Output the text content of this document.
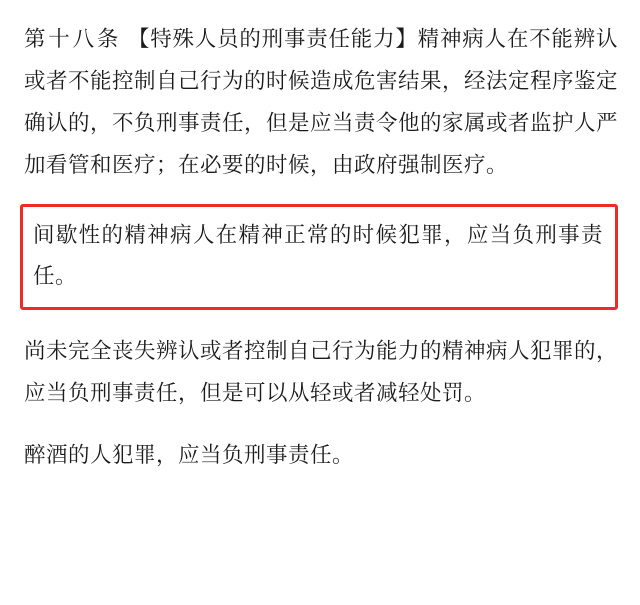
第十八条 【特殊人员的刑事责任能力】精神病人在不能辨认或者不能控制自己行为的时候造成危害结果，经法定程序鉴定确认的，不负刑事责任，但是应当责令他的家属或者监护人严加看管和医疗；在必要的时候，由政府强制医疗。

间歇性的精神病人在精神正常的时候犯罪，应当负刑事责任。

尚未完全丧失辨认或者控制自己行为能力的精神病人犯罪的，应当负刑事责任，但是可以从轻或者减轻处罚。

醉酒的人犯罪，应当负刑事责任。
